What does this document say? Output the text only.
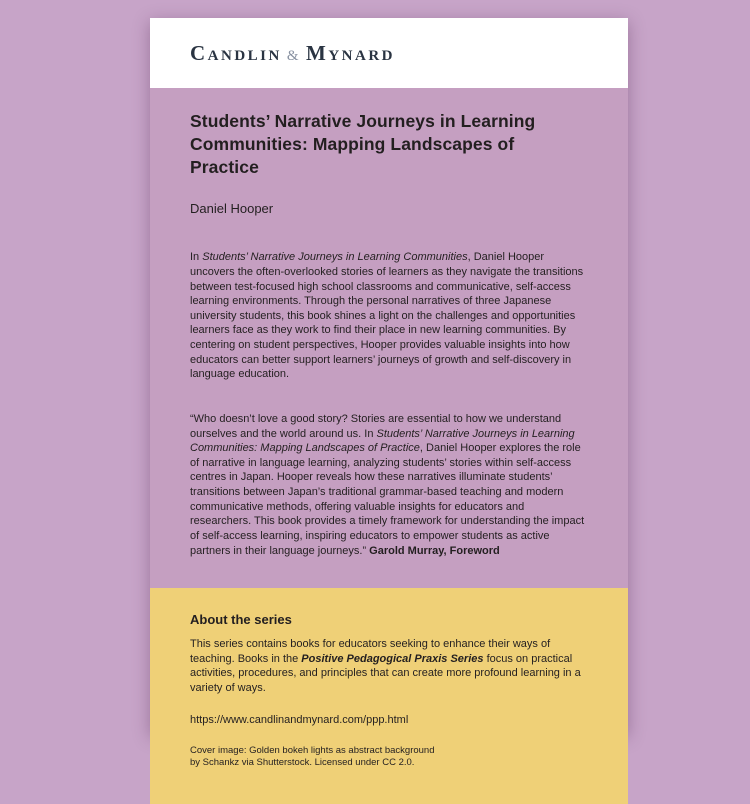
Candlin & Mynard
Students’ Narrative Journeys in Learning Communities: Mapping Landscapes of Practice
Daniel Hooper

In Students’ Narrative Journeys in Learning Communities, Daniel Hooper uncovers the often-overlooked stories of learners as they navigate the transitions between test-focused high school classrooms and communicative, self-access learning environments. Through the personal narratives of three Japanese university students, this book shines a light on the challenges and opportunities learners face as they work to find their place in new learning communities. By centering on student perspectives, Hooper provides valuable insights into how educators can better support learners’ journeys of growth and self-discovery in language education.

“Who doesn’t love a good story? Stories are essential to how we understand ourselves and the world around us. In Students’ Narrative Journeys in Learning Communities: Mapping Landscapes of Practice, Daniel Hooper explores the role of narrative in language learning, analyzing students’ stories within self-access centres in Japan. Hooper reveals how these narratives illuminate students’ transitions between Japan’s traditional grammar-based teaching and modern communicative methods, offering valuable insights for educators and researchers. This book provides a timely framework for understanding the impact of self-access learning, inspiring educators to empower students as active partners in their language journeys.” Garold Murray, Foreword

About the series

This series contains books for educators seeking to enhance their ways of teaching. Books in the Positive Pedagogical Praxis Series focus on practical activities, procedures, and principles that can create more profound learning in a variety of ways.

https://www.candlinandmynard.com/ppp.html

Cover image: Golden bokeh lights as abstract background
by Schankz via Shutterstock. Licensed under CC 2.0.
